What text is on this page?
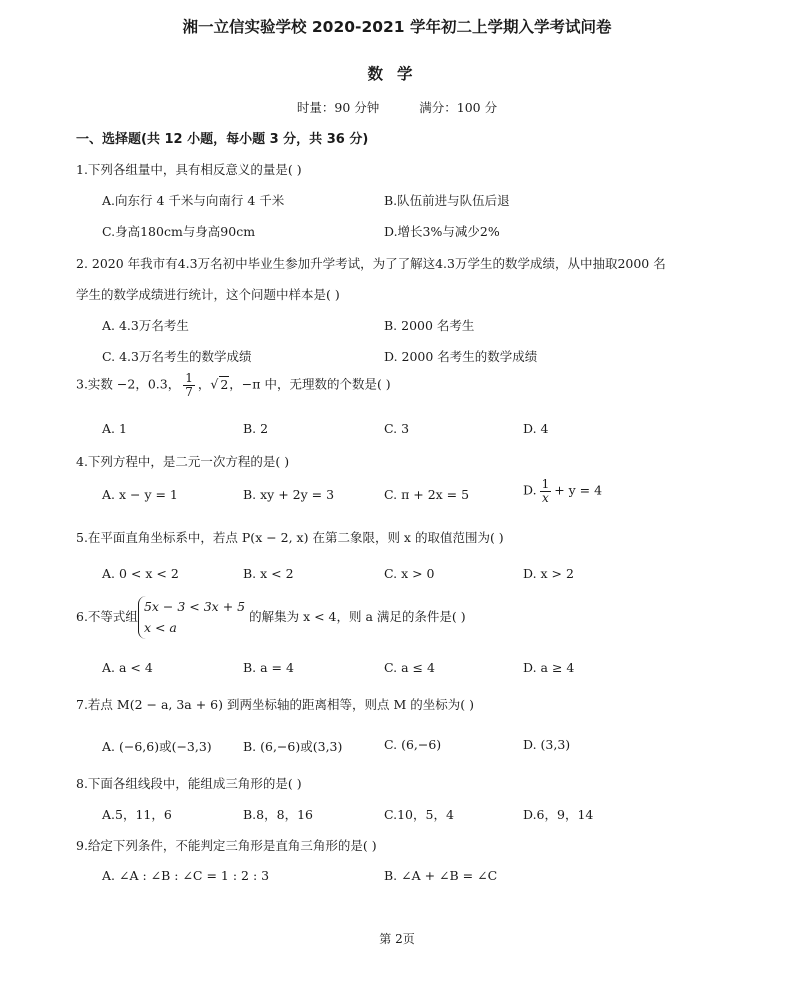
湘一立信实验学校 2020-2021 学年初二上学期入学考试问卷
数学
时量：90 分钟	满分：100 分
一、选择题(共 12 小题，每小题 3 分，共 36 分)
1.下列各组量中，具有相反意义的量是( )
A.向东行 4 千米与向南行 4 千米	B.队伍前进与队伍后退
C.身高180cm与身高90cm	D.增长3%与减少2%
2. 2020 年我市有4.3万名初中毕业生参加升学考试，为了了解这4.3万学生的数学成绩，从中抽取2000 名
学生的数学成绩进行统计，这个问题中样本是( )
A. 4.3万名考生	B. 2000 名考生
C. 4.3万名考生的数学成绩	D. 2000 名考生的数学成绩
3.实数 −2，0.3， $\frac{1}{7}$ ，√ 2，−π 中，无理数的个数是( )
A. 1	B. 2	C. 3	D. 4
4.下列方程中，是二元一次方程的是( )
A. x − y = 1	B. xy + 2y = 3	C. π + 2x = 5	D. $\frac{1}{x} + y = 4$
5.在平面直角坐标系中，若点 P(x − 2, x) 在第二象限，则 x 的取值范围为( )
A. 0 < x < 2	B. x < 2	C. x > 0	D. x > 2
6.不等式组
5x − 3 < 3x + 5
x < a
的解集为 x < 4，则 a 满足的条件是( )
A. a < 4	B. a = 4	C. a ≤ 4	D. a ≥ 4
7.若点 M(2 − a, 3a + 6) 到两坐标轴的距离相等，则点 M 的坐标为( )
A. (−6,6)或(−3,3)	B. (6,−6)或(3,3)	C. (6,−6)	D. (3,3)
8.下面各组线段中，能组成三角形的是( )
A.5，11，6	B.8，8，16	C.10，5，4	D.6，9，14
9.给定下列条件，不能判定三角形是直角三角形的是( )
A. ∠A : ∠B : ∠C = 1 : 2 : 3	B. ∠A + ∠B = ∠C
第 2页
